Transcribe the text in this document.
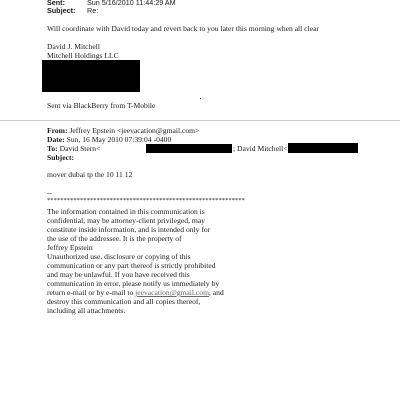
Sent:	Sun 5/16/2010 11:44:29 AM
Subject: Re:
Will coordinate with David today and revert back to you later this morning when all clear
David J. Mitchell
Mitchell Holdings LLC
Sent via BlackBerry from T-Mobile
From: Jeffrey Epstein <jeevacation@gmail.com>
Date: Sun, 16 May 2010 07:39:04 -0400
To: David Stern<	; David Mitchell<
Subject:
mover dubai tp the 10 11 12
--
************************************************************
The information contained in this communication is
confidential, may be attorney-client privileged, may
constitute inside information, and is intended only for
the use of the addressee. It is the property of
Jeffrey Epstein
Unauthorized use, disclosure or copying of this
communication or any part thereof is strictly prohibited
and may be unlawful. If you have received this
communication in error, please notify us immediately by
return e-mail or by e-mail to jeevacation@gmail.com, and
destroy this communication and all copies thereof,
including all attachments.
